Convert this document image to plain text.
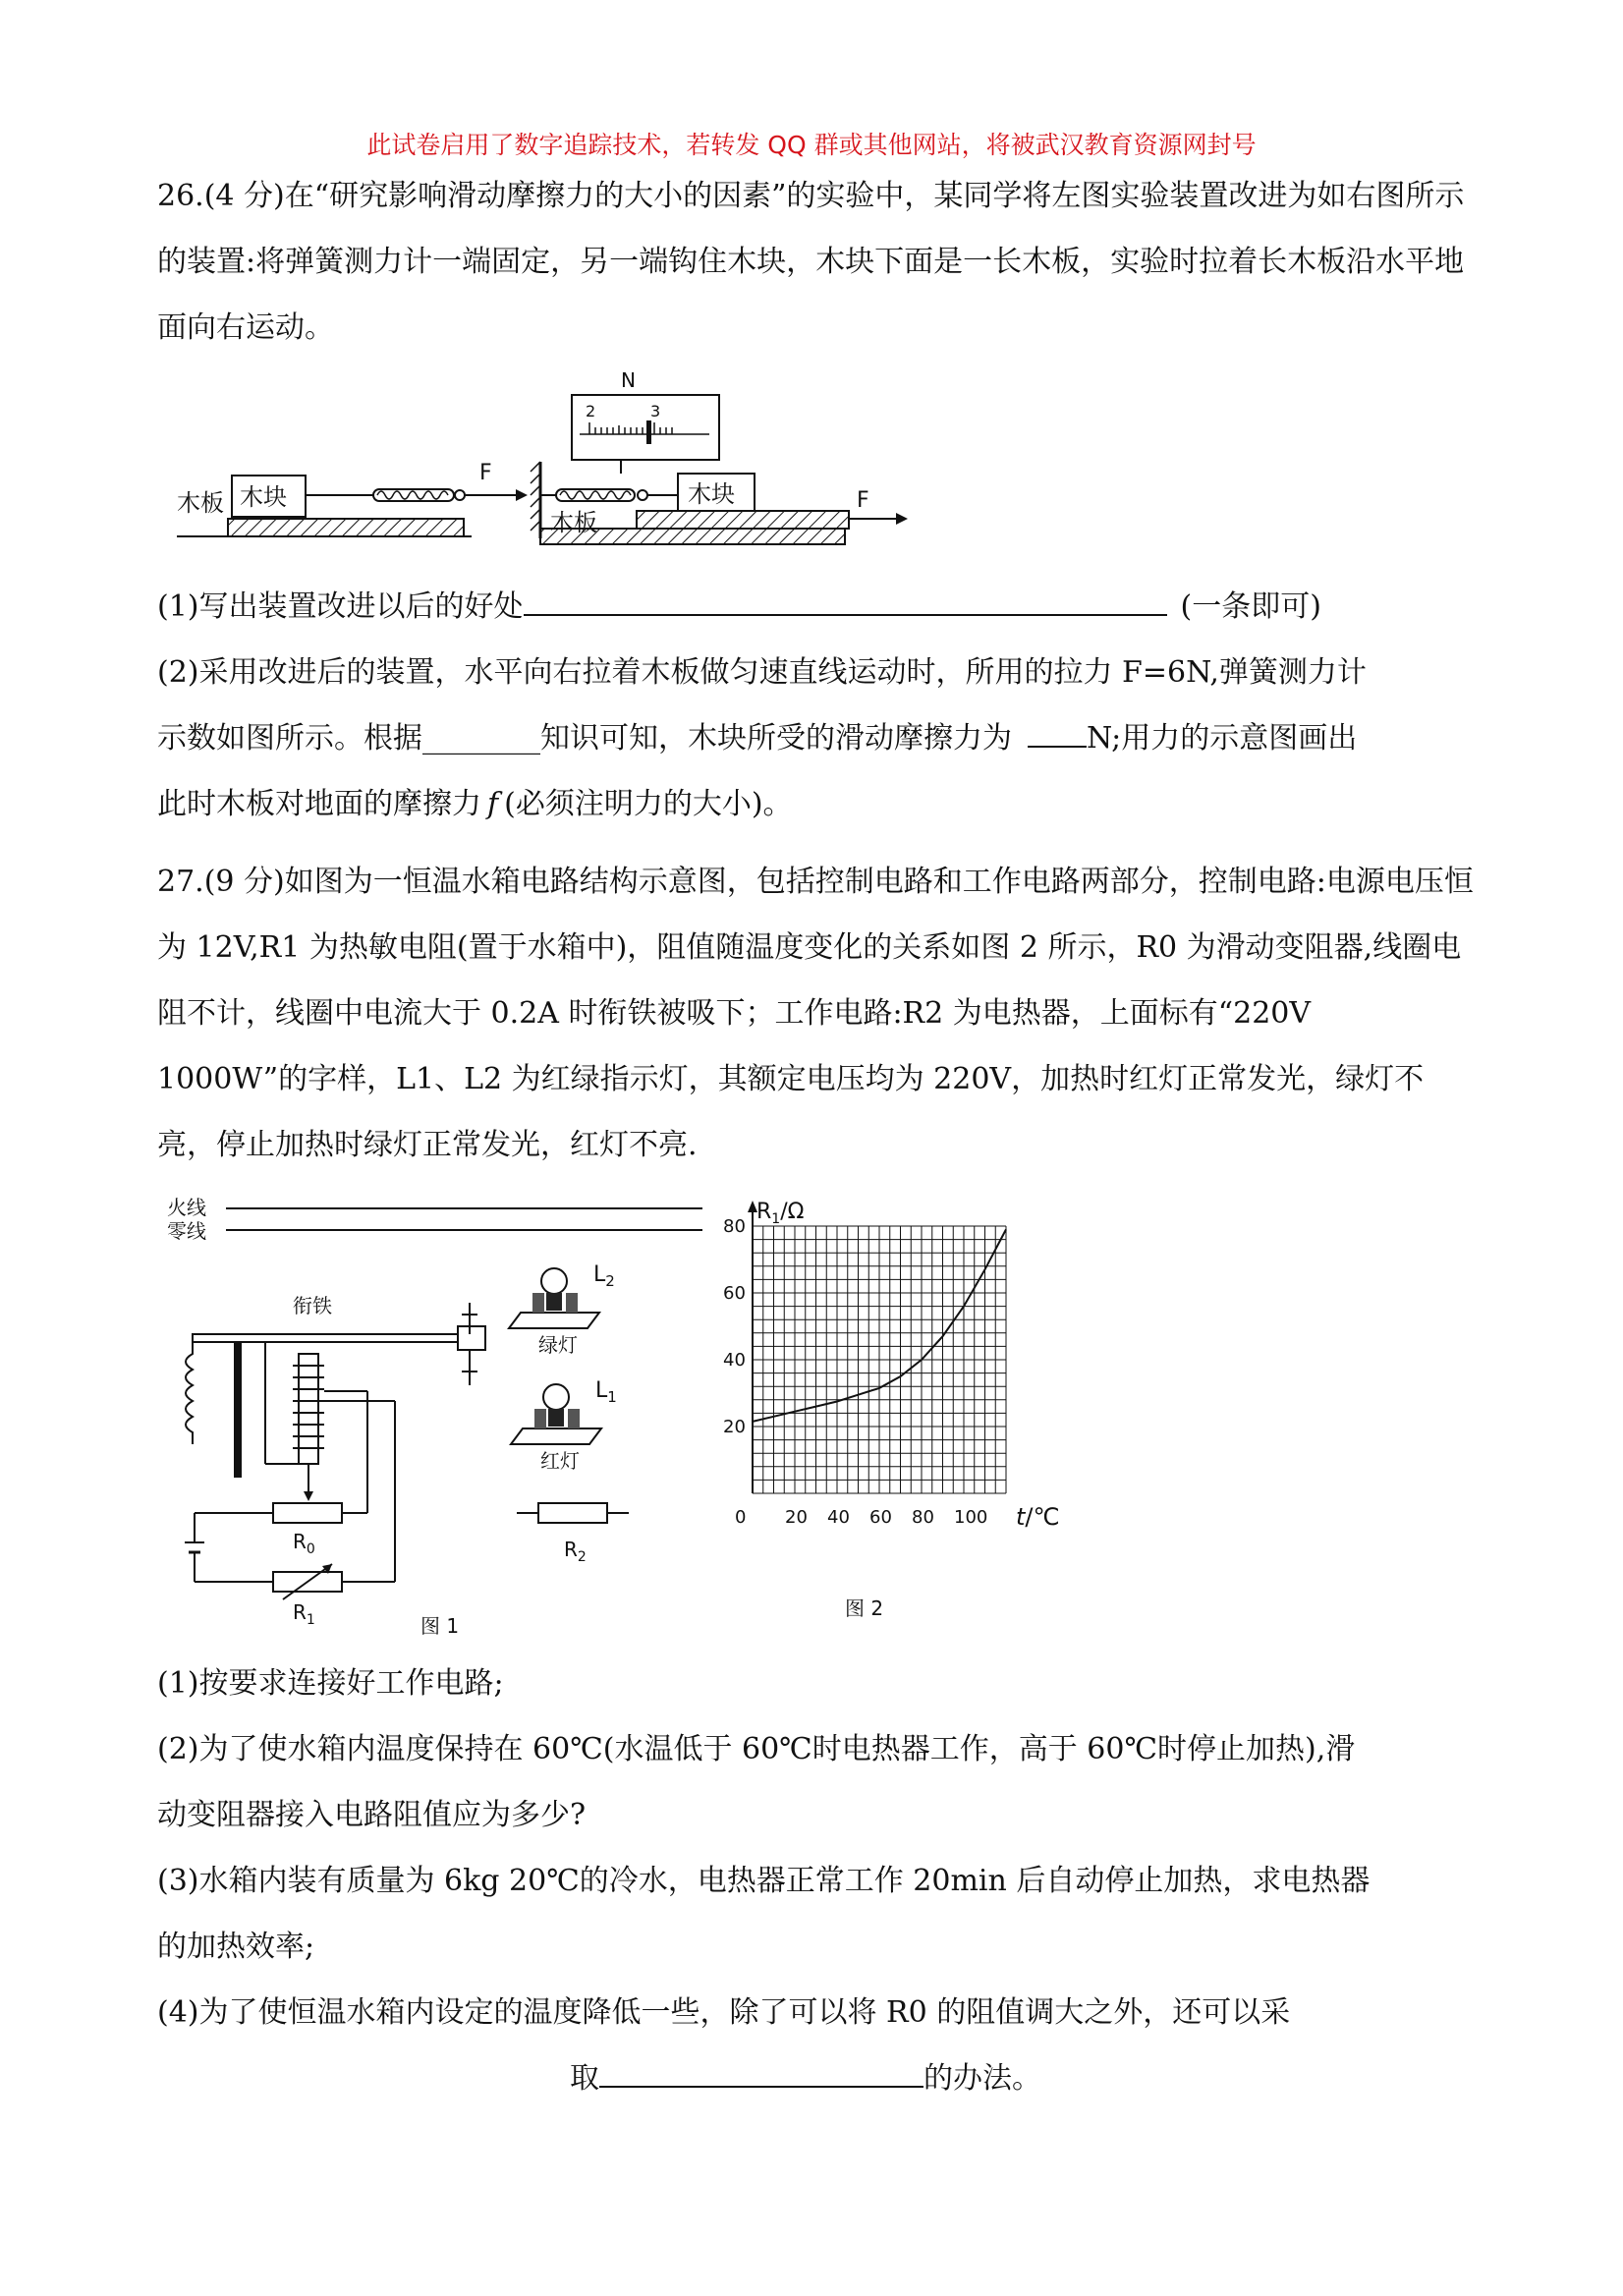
此试卷启用了数字追踪技术，若转发 QQ 群或其他网站，将被武汉教育资源网封号
26.(4 分)在“研究影响滑动摩擦力的大小的因素”的实验中，某同学将左图实验装置改进为如右图所示的装置:将弹簧测力计一端固定，另一端钩住木块，木块下面是一长木板，实验时拉着长木板沿水平地面向右运动。
木板 木块
F
木板
N
2	3
木块	F
(1)写出装置改进以后的好处	(一条即可)
(2)采用改进后的装置，水平向右拉着木板做匀速直线运动时，所用的拉力 F=6N,弹簧测力计
示数如图所示。根据________知识可知，木块所受的滑动摩擦力为	N;用力的示意图画出
此时木板对地面的摩擦力 f (必须注明力的大小)。
27.(9 分)如图为一恒温水箱电路结构示意图，包括控制电路和工作电路两部分，控制电路:电源电压恒为 12V,R1 为热敏电阻(置于水箱中)，阻值随温度变化的关系如图 2 所示，R0 为滑动变阻器,线圈电阻不计，线圈中电流大于 0.2A 时衔铁被吸下；工作电路:R2 为电热器，上面标有“220V　 1000W”的字样，L1、L2 为红绿指示灯，其额定电压均为 220V，加热时红灯正常发光，绿灯不亮，停止加热时绿灯正常发光，红灯不亮.
火线
零线
衔铁
$R_0$
$R_1$	图 1
$L_2$
绿灯
$L_1$
红灯
$R_2$
0 20 40 60 80 100
20
40
60
80
$R_1/\Omega$
t/℃
图 2
(1)按要求连接好工作电路;
(2)为了使水箱内温度保持在 60℃(水温低于 60℃时电热器工作，高于 60℃时停止加热),滑
动变阻器接入电路阻值应为多少?
(3)水箱内装有质量为 6kg 20℃的冷水，电热器正常工作 20min 后自动停止加热，求电热器
的加热效率;
(4)为了使恒温水箱内设定的温度降低一些，除了可以将 R0 的阻值调大之外，还可以采
取	的办法。
